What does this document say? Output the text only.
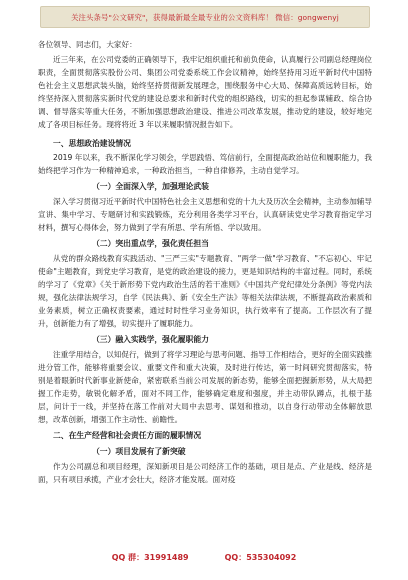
关注头条号"公文研究"，获得最新最全最专业的公文资料库！ 微信：gongwenyj

各位领导、同志们，大家好：

近三年来，在公司党委的正确领导下，我牢记组织重托和前负使命，认真履行公司副总经理岗位职责，全面贯彻落实股份公司、集团公司党委系统工作会议精神，始终坚持用习近平新时代中国特色社会主义思想武装头脑，始终坚持贯彻新发展理念，围绕服务中心大局、保障高质远转目标，始终坚持深入贯彻落实新时代党的建设总要求和新时代党的组织路线，切实的担起参谋辅政、综合协调、督导落实等重大任务，不断加强思想政治建设、推进公司改革发展，推动党的建设，较好地完成了各项目标任务。现将将近 3 年以来履职情况报告如下。

一、思想政治建设情况

2019 年以来，我不断深化学习领会，学思践悟、笃信前行，全面提高政治站位和履职能力，我始终把学习作为一种精神追求，一种政治担当，一种自律修养，主动自觉学习。

（一）全面深入学，加强理论武装

深入学习贯彻习近平新时代中国特色社会主义思想和党的十九大及历次全会精神，主动参加辅导宣讲、集中学习、专题研讨和实践锻炼，充分利用各类学习平台，认真研读党史学习教育指定学习材料，撰写心得体会，努力做到了学有所思、学有所悟、学以致用。

（二）突出重点学，强化责任担当

从党的群众路线教育实践活动、"三严三实"专题教育、"两学一做"学习教育、"不忘初心、牢记使命"主题教育，到党史学习教育，是党的政治建设的接力，更是知识结构的丰富过程。同时，系统的学习了《党章》《关于新形势下党内政治生活的若干准则》《中国共产党纪律处分条例》等党内法规，强化法律法规学习，自学《民法典》、新《安全生产法》等相关法律法规，不断提高政治素质和业务素质，树立正确权责要素，通过时时性学习业务知识，执行效率有了提高。工作层次有了提升，创新能力有了增强，切实提升了履职能力。

（三）融入实践学，强化履职能力

注重学用结合，以知促行，做到了将学习理论与思考问题、指导工作相结合，更好的全面实践推进分管工作，能够将重要会议、重要文件和重大决策，及时进行传达，第一时间研究贯彻落实，特别是着眼新时代新事业新使命，紧密联系当前公司发展的新态势，能够全面把握新形势，从大局把握工作走势，敏锐化解矛盾，面对不同工作，能够确定难度和强度，并主动带队蹲点，扎根于基层，问计于一线，并坚持在落工作前对大局中去思考、谋划和推动，以自身行动带动全体解放思想，改革创新，增强工作主动性、前瞻性。

二、在生产经营和社会责任方面的履职情况
（一）项目发展有了新突破

作为公司副总和项目经理，深知新项目是公司经济工作的基础，项目是点、产业是线、经济是面，只有项目承揽，产业才会壮大，经济才能发展。面对疫

QQ 群：31991489	QQ：535304092
